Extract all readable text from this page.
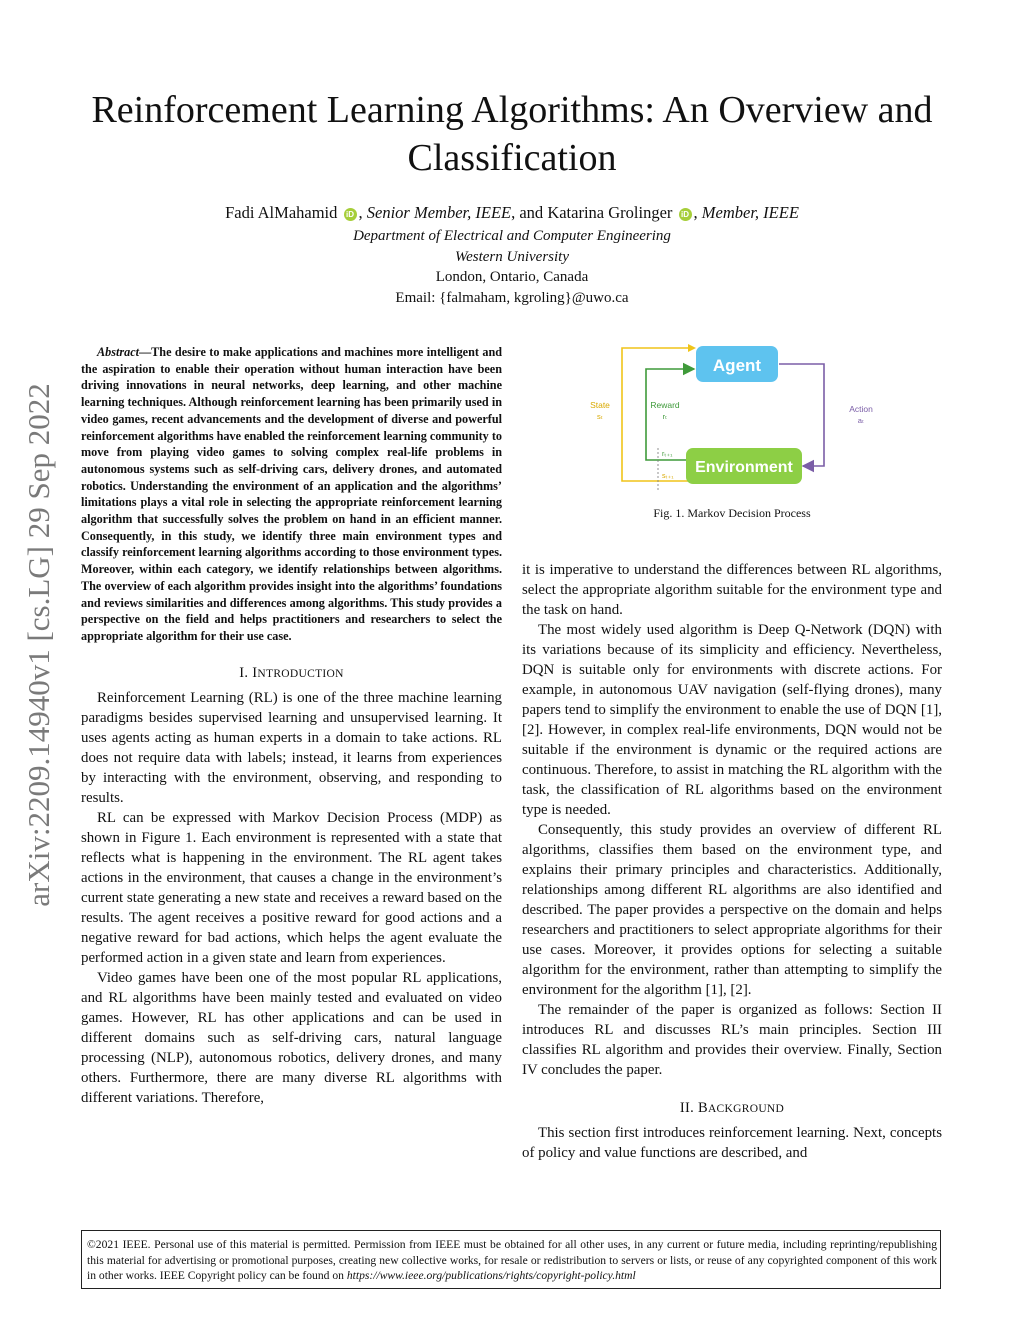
Reinforcement Learning Algorithms: An Overview and Classification
Fadi AlMahamid iD , Senior Member, IEEE, and Katarina Grolinger iD , Member, IEEE
Department of Electrical and Computer Engineering
Western University
London, Ontario, Canada
Email: {falmaham, kgroling}@uwo.ca
arXiv:2209.14940v1 [cs.LG] 29 Sep 2022

Abstract—The desire to make applications and machines more intelligent and the aspiration to enable their operation without human interaction have been driving innovations in neural networks, deep learning, and other machine learning techniques. Although reinforcement learning has been primarily used in video games, recent advancements and the development of diverse and powerful reinforcement algorithms have enabled the reinforcement learning community to move from playing video games to solving complex real-life problems in autonomous systems such as self-driving cars, delivery drones, and automated robotics. Understanding the environment of an application and the algorithms’ limitations plays a vital role in selecting the appropriate reinforcement learning algorithm that successfully solves the problem on hand in an efficient manner. Consequently, in this study, we identify three main environment types and classify reinforcement learning algorithms according to those environment types. Moreover, within each category, we identify relationships between algorithms. The overview of each algorithm provides insight into the algorithms’ foundations and reviews similarities and differences among algorithms. This study provides a perspective on the field and helps practitioners and researchers to select the appropriate algorithm for their use case.

I. INTRODUCTION

Reinforcement Learning (RL) is one of the three machine learning paradigms besides supervised learning and unsupervised learning. It uses agents acting as human experts in a domain to take actions. RL does not require data with labels; instead, it learns from experiences by interacting with the environment, observing, and responding to results.

RL can be expressed with Markov Decision Process (MDP) as shown in Figure 1. Each environment is represented with a state that reflects what is happening in the environment. The RL agent takes actions in the environment, that causes a change in the environment’s current state generating a new state and receives a reward based on the results. The agent receives a positive reward for good actions and a negative reward for bad actions, which helps the agent evaluate the performed action in a given state and learn from experiences.

Video games have been one of the most popular RL applications, and RL algorithms have been mainly tested and evaluated on video games. However, RL has other applications and can be used in different domains such as self-driving cars, natural language processing (NLP), autonomous robotics, delivery drones, and many others. Furthermore, there are many diverse RL algorithms with different variations. Therefore,

Agent
Environment
State
sₜ
Reward
rₜ
Action
aₜ
rₜ₊₁
sₜ₊₁
Fig. 1. Markov Decision Process

it is imperative to understand the differences between RL algorithms, select the appropriate algorithm suitable for the environment type and the task on hand.

The most widely used algorithm is Deep Q-Network (DQN) with its variations because of its simplicity and efficiency. Nevertheless, DQN is suitable only for environments with discrete actions. For example, in autonomous UAV navigation (self-flying drones), many papers tend to simplify the environment to enable the use of DQN [1], [2]. However, in complex real-life environments, DQN would not be suitable if the environment is dynamic or the required actions are continuous. Therefore, to assist in matching the RL algorithm with the task, the classification of RL algorithms based on the environment type is needed.

Consequently, this study provides an overview of different RL algorithms, classifies them based on the environment type, and explains their primary principles and characteristics. Additionally, relationships among different RL algorithms are also identified and described. The paper provides a perspective on the domain and helps researchers and practitioners to select appropriate algorithms for their use cases. Moreover, it provides options for selecting a suitable algorithm for the environment, rather than attempting to simplify the environment for the algorithm [1], [2].

The remainder of the paper is organized as follows: Section II introduces RL and discusses RL’s main principles. Section III classifies RL algorithm and provides their overview. Finally, Section IV concludes the paper.

II. BACKGROUND

This section first introduces reinforcement learning. Next, concepts of policy and value functions are described, and

©2021 IEEE. Personal use of this material is permitted. Permission from IEEE must be obtained for all other uses, in any current or future media, including reprinting/republishing this material for advertising or promotional purposes, creating new collective works, for resale or redistribution to servers or lists, or reuse of any copyrighted component of this work in other works. IEEE Copyright policy can be found on https://www.ieee.org/publications/rights/copyright-policy.html
